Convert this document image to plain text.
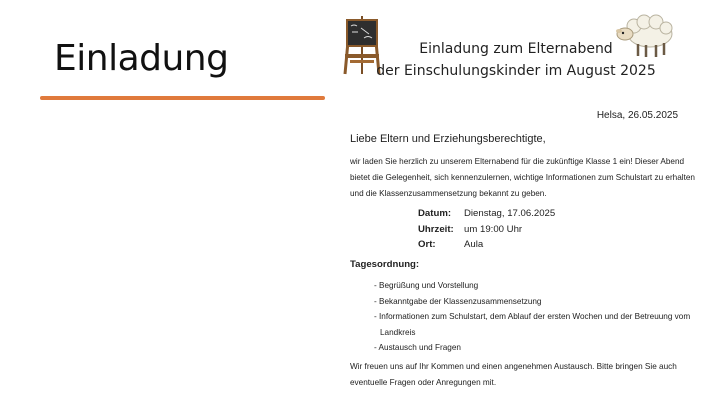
Einladung	Einladung zum Elternabend
der Einschulungskinder im August 2025
Helsa, 26.05.2025
Liebe Eltern und Erziehungsberechtigte,
wir laden Sie herzlich zu unserem Elternabend für die zukünftige Klasse 1 ein! Dieser Abend
bietet die Gelegenheit, sich kennenzulernen, wichtige Informationen zum Schulstart zu erhalten
und die Klassenzusammensetzung bekannt zu geben.
Datum:	Dienstag, 17.06.2025
Uhrzeit:	um 19:00 Uhr
Ort:	Aula
Tagesordnung:
- Begrüßung und Vorstellung
- Bekanntgabe der Klassenzusammensetzung
- Informationen zum Schulstart, dem Ablauf der ersten Wochen und der Betreuung vom
Landkreis
- Austausch und Fragen
Wir freuen uns auf Ihr Kommen und einen angenehmen Austausch. Bitte bringen Sie auch
eventuelle Fragen oder Anregungen mit.
